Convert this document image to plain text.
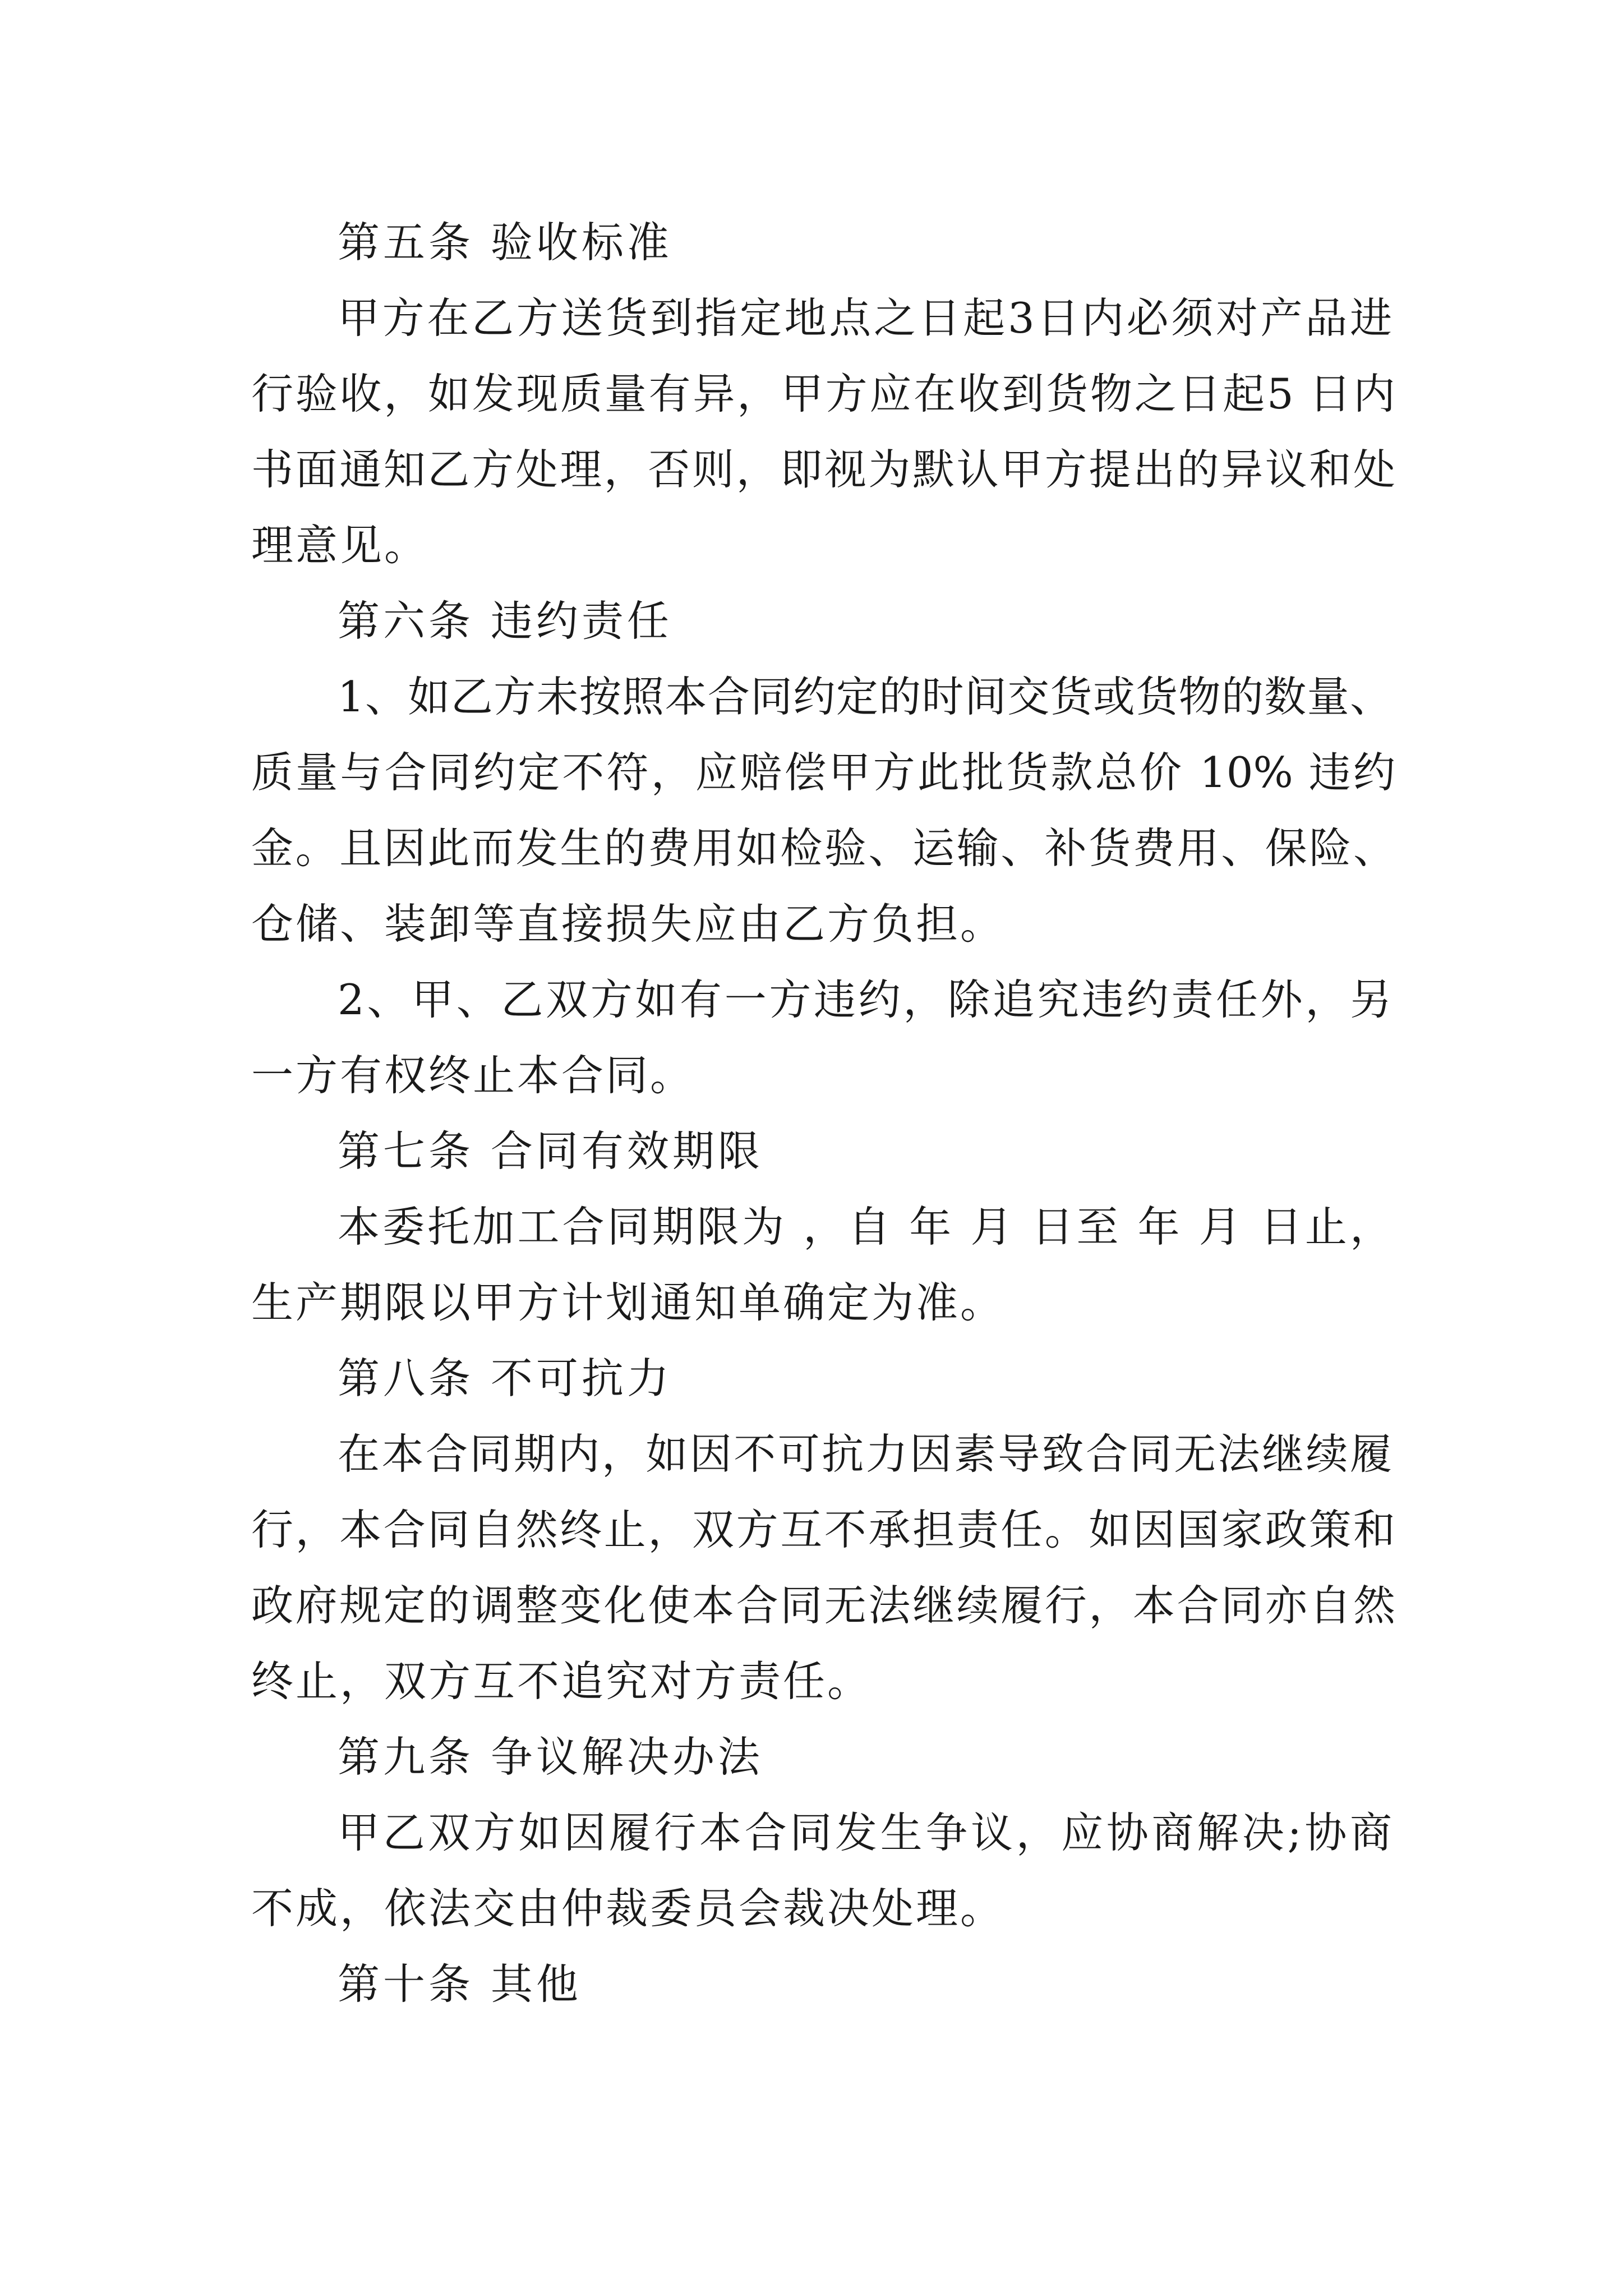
第五条 验收标准
甲方在乙方送货到指定地点之日起3日内必须对产品进
行验收，如发现质量有异，甲方应在收到货物之日起5 日内
书面通知乙方处理，否则，即视为默认甲方提出的异议和处
理意见。
第六条 违约责任
1、如乙方未按照本合同约定的时间交货或货物的数量、
质量与合同约定不符，应赔偿甲方此批货款总价 10% 违约
金。且因此而发生的费用如检验、运输、补货费用、保险、
仓储、装卸等直接损失应由乙方负担。
2、甲、乙双方如有一方违约，除追究违约责任外，另
一方有权终止本合同。
第七条 合同有效期限
本委托加工合同期限为 ，自 年 月 日至 年 月 日止，
生产期限以甲方计划通知单确定为准。
第八条 不可抗力
在本合同期内，如因不可抗力因素导致合同无法继续履
行，本合同自然终止，双方互不承担责任。如因国家政策和
政府规定的调整变化使本合同无法继续履行，本合同亦自然
终止，双方互不追究对方责任。
第九条 争议解决办法
甲乙双方如因履行本合同发生争议，应协商解决;协商
不成，依法交由仲裁委员会裁决处理。
第十条 其他
